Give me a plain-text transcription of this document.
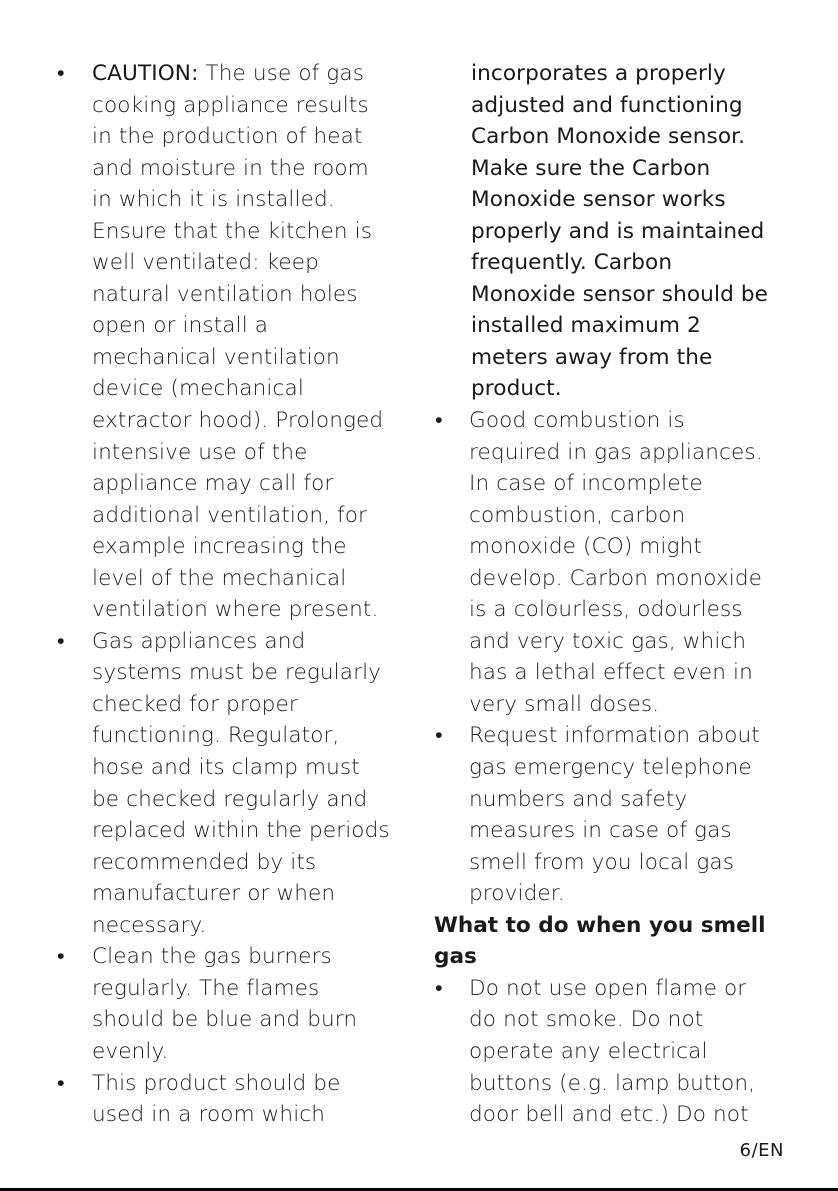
• CAUTION: The use of gas
cooking appliance results
in the production of heat
and moisture in the room
in which it is installed.
Ensure that the kitchen is
well ventilated: keep
natural ventilation holes
open or install a
mechanical ventilation
device (mechanical
extractor hood). Prolonged
intensive use of the
appliance may call for
additional ventilation, for
example increasing the
level of the mechanical
ventilation where present.
• Gas appliances and
systems must be regularly
checked for proper
functioning. Regulator,
hose and its clamp must
be checked regularly and
replaced within the periods
recommended by its
manufacturer or when
necessary.
• Clean the gas burners
regularly. The flames
should be blue and burn
evenly.
• This product should be
used in a room which
incorporates a properly
adjusted and functioning
Carbon Monoxide sensor.
Make sure the Carbon
Monoxide sensor works
properly and is maintained
frequently. Carbon
Monoxide sensor should be
installed maximum 2
meters away from the
product.
• Good combustion is
required in gas appliances.
In case of incomplete
combustion, carbon
monoxide (CO) might
develop. Carbon monoxide
is a colourless, odourless
and very toxic gas, which
has a lethal effect even in
very small doses.
• Request information about
gas emergency telephone
numbers and safety
measures in case of gas
smell from you local gas
provider.
What to do when you smell
gas
• Do not use open flame or
do not smoke. Do not
operate any electrical
buttons (e.g. lamp button,
door bell and etc.) Do not
6/EN
